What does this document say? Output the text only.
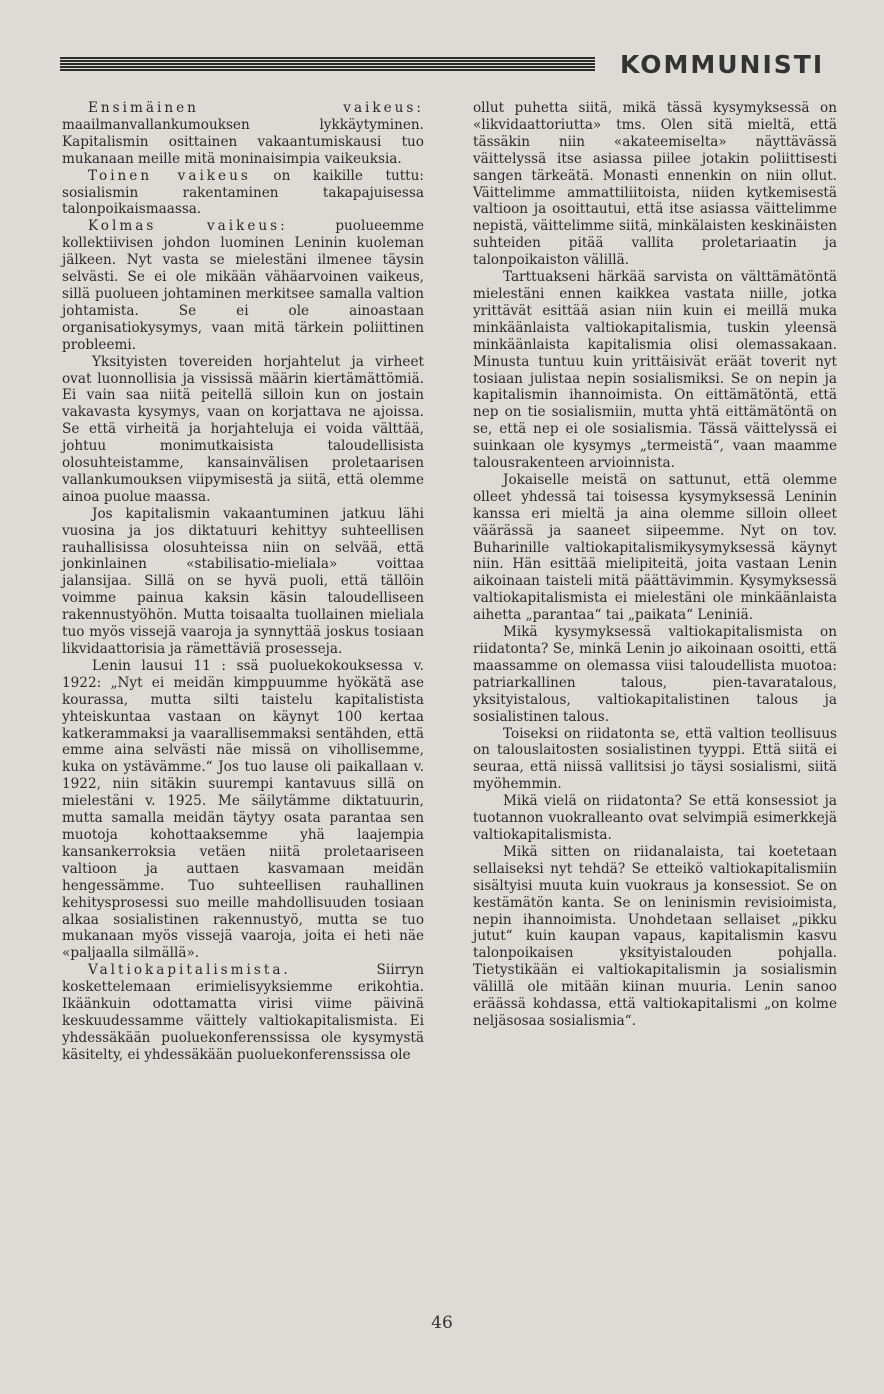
KOMMUNISTI

Ensimäinen vaikeus: maailmanvallankumouksen lykkäytyminen. Kapitalismin osittainen vakaantumiskausi tuo mukanaan meille mitä moninaisimpia vaikeuksia.

Toinen vaikeus on kaikille tuttu: sosialismin rakentaminen takapajuisessa talonpoikaismaassa.

Kolmas vaikeus: puolueemme kollektiivisen johdon luominen Leninin kuoleman jälkeen. Nyt vasta se mielestäni ilmenee täysin selvästi. Se ei ole mikään vähäarvoinen vaikeus, sillä puolueen johtaminen merkitsee samalla valtion johtamista. Se ei ole ainoastaan organisatiokysymys, vaan mitä tärkein poliittinen probleemi.

Yksityisten tovereiden horjahtelut ja virheet ovat luonnollisia ja vississä määrin kiertämättömiä. Ei vain saa niitä peitellä silloin kun on jostain vakavasta kysymys, vaan on korjattava ne ajoissa. Se että virheitä ja horjahteluja ei voida välttää, johtuu monimutkaisista taloudellisista olosuhteistamme, kansainvälisen proletaarisen vallankumouksen viipymisestä ja siitä, että olemme ainoa puolue maassa.

Jos kapitalismin vakaantuminen jatkuu lähi vuosina ja jos diktatuuri kehittyy suhteellisen rauhallisissa olosuhteissa niin on selvää, että jonkinlainen «stabilisatio-mieliala» voittaa jalansijaa. Sillä on se hyvä puoli, että tällöin voimme painua kaksin käsin taloudelliseen rakennustyöhön. Mutta toisaalta tuollainen mieliala tuo myös vissejä vaaroja ja synnyttää joskus tosiaan likvidaattorisia ja rämettäviä prosesseja.

Lenin lausui 11 : ssä puoluekokouksessa v. 1922: „Nyt ei meidän kimppuumme hyökätä ase kourassa, mutta silti taistelu kapitalistista yhteiskuntaa vastaan on käynyt 100 kertaa katkerammaksi ja vaarallisemmaksi sentähden, että emme aina selvästi näe missä on vihollisemme, kuka on ystävämme.“ Jos tuo lause oli paikallaan v. 1922, niin sitäkin suurempi kantavuus sillä on mielestäni v. 1925. Me säilytämme diktatuurin, mutta samalla meidän täytyy osata parantaa sen muotoja kohottaaksemme yhä laajempia kansankerroksia vetäen niitä proletaariseen valtioon ja auttaen kasvamaan meidän hengessämme. Tuo suhteellisen rauhallinen kehitysprosessi suo meille mahdollisuuden tosiaan alkaa sosialistinen rakennustyö, mutta se tuo mukanaan myös vissejä vaaroja, joita ei heti näe «paljaalla silmällä».

Valtiokapitalismista. Siirryn koskettelemaan erimielisyyksiemme erikohtia. Ikäänkuin odottamatta virisi viime päivinä keskuudessamme väittely valtiokapitalismista. Ei yhdessäkään puoluekonferenssissa ole kysymystä käsitelty, ei yhdessäkään puoluekonferenssissa ole

ollut puhetta siitä, mikä tässä kysymyksessä on «likvidaattoriutta» tms. Olen sitä mieltä, että tässäkin niin «akateemiselta» näyttävässä väittelyssä itse asiassa piilee jotakin poliittisesti sangen tärkeätä. Monasti ennenkin on niin ollut. Väittelimme ammattiliitoista, niiden kytkemisestä valtioon ja osoittautui, että itse asiassa väittelimme nepistä, väittelimme siitä, minkälaisten keskinäisten suhteiden pitää vallita proletariaatin ja talonpoikaiston välillä.

Tarttuakseni härkää sarvista on välttämätöntä mielestäni ennen kaikkea vastata niille, jotka yrittävät esittää asian niin kuin ei meillä muka minkäänlaista valtiokapitalismia, tuskin yleensä minkäänlaista kapitalismia olisi olemassakaan. Minusta tuntuu kuin yrittäisivät eräät toverit nyt tosiaan julistaa nepin sosialismiksi. Se on nepin ja kapitalismin ihannoimista. On eittämätöntä, että nep on tie sosialismiin, mutta yhtä eittämätöntä on se, että nep ei ole sosialismia. Tässä väittelyssä ei suinkaan ole kysymys „termeistä“, vaan maamme talousrakenteen arvioinnista.

Jokaiselle meistä on sattunut, että olemme olleet yhdessä tai toisessa kysymyksessä Leninin kanssa eri mieltä ja aina olemme silloin olleet väärässä ja saaneet siipeemme. Nyt on tov. Buharinille valtiokapitalismikysymyksessä käynyt niin. Hän esittää mielipiteitä, joita vastaan Lenin aikoinaan taisteli mitä päättävimmin. Kysymyksessä valtiokapitalismista ei mielestäni ole minkäänlaista aihetta „parantaa“ tai „paikata“ Leniniä.

Mikä kysymyksessä valtiokapitalismista on riidatonta? Se, minkä Lenin jo aikoinaan osoitti, että maassamme on olemassa viisi taloudellista muotoa: patriarkallinen talous, pien-tavaratalous, yksityistalous, valtiokapitalistinen talous ja sosialistinen talous.

Toiseksi on riidatonta se, että valtion teollisuus on talouslaitosten sosialistinen tyyppi. Että siitä ei seuraa, että niissä vallitsisi jo täysi sosialismi, siitä myöhemmin.

Mikä vielä on riidatonta? Se että konsessiot ja tuotannon vuokralleanto ovat selvimpiä esimerkkejä valtiokapitalismista.

Mikä sitten on riidanalaista, tai koetetaan sellaiseksi nyt tehdä? Se etteikö valtiokapitalismiin sisältyisi muuta kuin vuokraus ja konsessiot. Se on kestämätön kanta. Se on leninismin revisioimista, nepin ihannoimista. Unohdetaan sellaiset „pikku jutut“ kuin kaupan vapaus, kapitalismin kasvu talonpoikaisen yksityistalouden pohjalla. Tietystikään ei valtiokapitalismin ja sosialismin välillä ole mitään kiinan muuria. Lenin sanoo eräässä kohdassa, että valtiokapitalismi „on kolme neljäsosaa sosialismia“.

46
